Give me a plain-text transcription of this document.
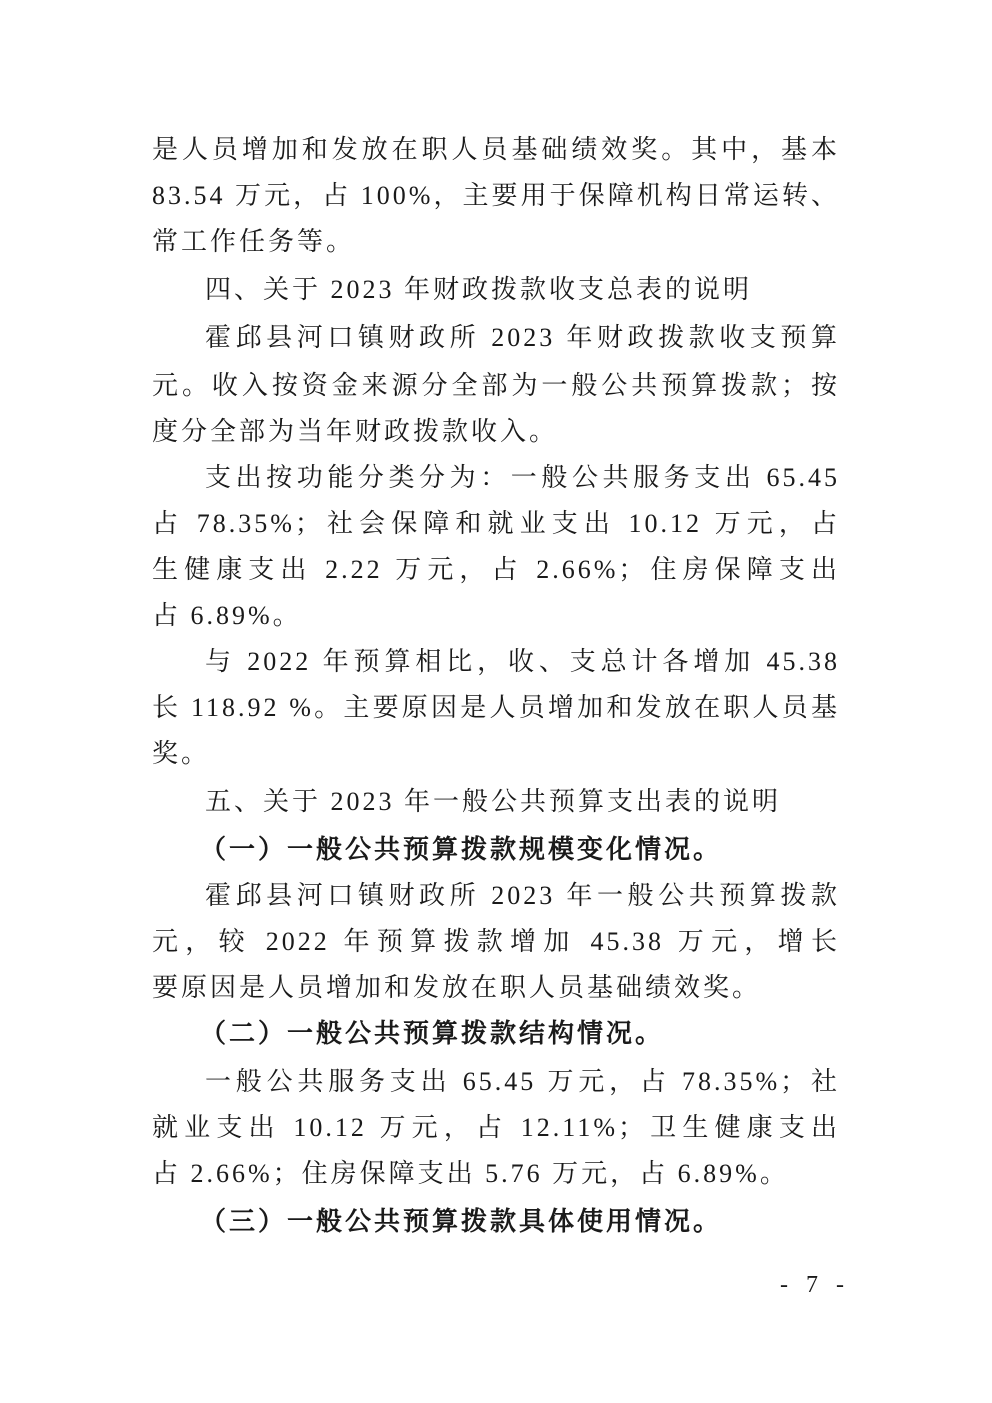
是人员增加和发放在职人员基础绩效奖。其中，基本
83.54 万元，占 100%，主要用于保障机构日常运转、
常工作任务等。
四、关于 2023 年财政拨款收支总表的说明
霍邱县河口镇财政所 2023 年财政拨款收支预算
元。收入按资金来源分全部为一般公共预算拨款；按
度分全部为当年财政拨款收入。
支出按功能分类分为：一般公共服务支出 65.45
占 78.35%；社会保障和就业支出 10.12 万元，占
生健康支出 2.22 万元，占 2.66%；住房保障支出
占 6.89%。
与 2022 年预算相比，收、支总计各增加 45.38
长 118.92 %。主要原因是人员增加和发放在职人员基
奖。
五、关于 2023 年一般公共预算支出表的说明
（一）一般公共预算拨款规模变化情况。
霍邱县河口镇财政所 2023 年一般公共预算拨款
元，较 2022 年预算拨款增加 45.38 万元，增长
要原因是人员增加和发放在职人员基础绩效奖。
（二）一般公共预算拨款结构情况。
一般公共服务支出 65.45 万元，占 78.35%；社
就业支出 10.12 万元，占 12.11%；卫生健康支出
占 2.66%；住房保障支出 5.76 万元，占 6.89%。
（三）一般公共预算拨款具体使用情况。
- 7 -
